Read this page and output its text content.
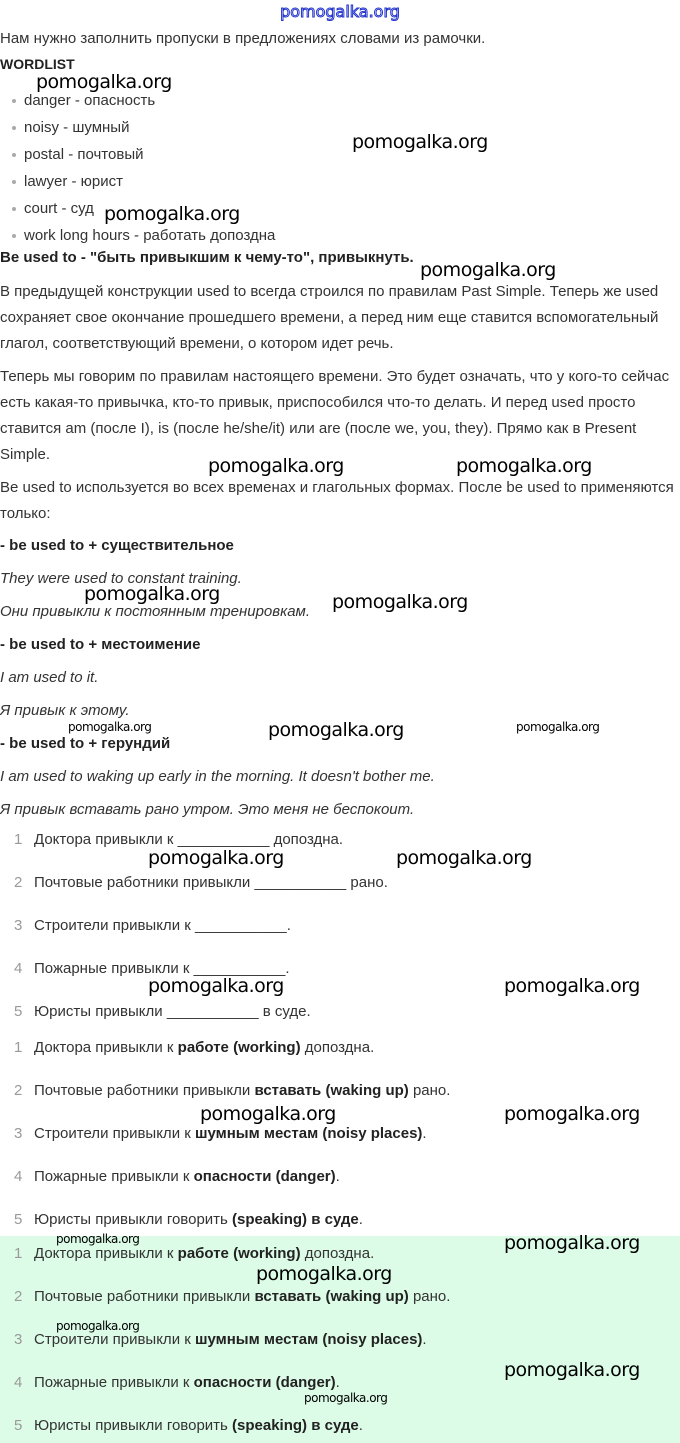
pomogalka.org
Нам нужно заполнить пропуски в предложениях словами из рамочки.
WORDLIST
danger - опасность
noisy - шумный
postal - почтовый
lawyer - юрист
court - суд
work long hours - работать допоздна
Be used to - "быть привыкшим к чему-то", привыкнуть.
В предыдущей конструкции used to всегда строился по правилам Past Simple. Теперь же used сохраняет свое окончание прошедшего времени, а перед ним еще ставится вспомогательный глагол, соответствующий времени, о котором идет речь.
Теперь мы говорим по правилам настоящего времени. Это будет означать, что у кого-то сейчас есть какая-то привычка, кто-то привык, приспособился что-то делать. И перед used просто ставится am (после I), is (после he/she/it) или are (после we, you, they). Прямо как в Present Simple.
Be used to используется во всех временах и глагольных формах. После be used to применяются только:
- be used to + существительное
They were used to constant training.
Они привыкли к постоянным тренировкам.
- be used to + местоимение
I am used to it.
Я привык к этому.
- be used to + герундий
I am used to waking up early in the morning. It doesn't bother me.
Я привык вставать рано утром. Это меня не беспокоит.
1 Доктора привыкли к ___________ допоздна.
2 Почтовые работники привыкли ___________ рано.
3 Строители привыкли к ___________.
4 Пожарные привыкли к ___________.
5 Юристы привыкли ___________ в суде.
1 Доктора привыкли к работе (working) допоздна.
2 Почтовые работники привыкли вставать (waking up) рано.
3 Строители привыкли к шумным местам (noisy places).
4 Пожарные привыкли к опасности (danger).
5 Юристы привыкли говорить (speaking) в суде.
1 Доктора привыкли к работе (working) допоздна.
2 Почтовые работники привыкли вставать (waking up) рано.
3 Строители привыкли к шумным местам (noisy places).
4 Пожарные привыкли к опасности (danger).
5 Юристы привыкли говорить (speaking) в суде.
pomogalka.org
pomogalka.org
pomogalka.org
pomogalka.org
pomogalka.org	pomogalka.org
pomogalka.org	pomogalka.org
pomogalka.org	pomogalka.org	pomogalka.org
pomogalka.org	pomogalka.org
pomogalka.org	pomogalka.org
pomogalka.org	pomogalka.org
pomogalka.org	pomogalka.org
pomogalka.org
pomogalka.org
pomogalka.org
pomogalka.org
